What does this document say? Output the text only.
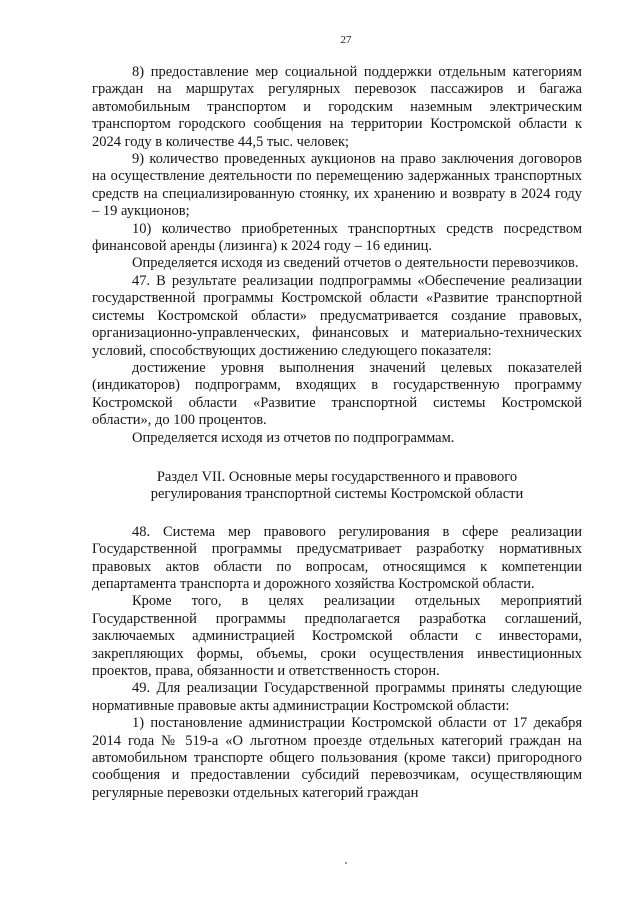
27

8) предоставление мер социальной поддержки отдельным категориям граждан на маршрутах регулярных перевозок пассажиров и багажа автомобильным транспортом и городским наземным электрическим транспортом городского сообщения на территории Костромской области к 2024 году в количестве 44,5 тыс. человек;

9) количество проведенных аукционов на право заключения договоров на осуществление деятельности по перемещению задержанных транспортных средств на специализированную стоянку, их хранению и возврату в 2024 году – 19 аукционов;

10) количество приобретенных транспортных средств посредством финансовой аренды (лизинга) к 2024 году – 16 единиц.

Определяется исходя из сведений отчетов о деятельности перевозчиков.

47. В результате реализации подпрограммы «Обеспечение реализации государственной программы Костромской области «Развитие транспортной системы Костромской области» предусматривается создание правовых, организационно-управленческих, финансовых и материально-технических условий, способствующих достижению следующего показателя:

достижение уровня выполнения значений целевых показателей (индикаторов) подпрограмм, входящих в государственную программу Костромской области «Развитие транспортной системы Костромской области», до 100 процентов.

Определяется исходя из отчетов по подпрограммам.

Раздел VII. Основные меры государственного и правового
регулирования транспортной системы Костромской области

48. Система мер правового регулирования в сфере реализации Государственной программы предусматривает разработку нормативных правовых актов области по вопросам, относящимся к компетенции департамента транспорта и дорожного хозяйства Костромской области.

Кроме того, в целях реализации отдельных мероприятий Государственной программы предполагается разработка соглашений, заключаемых администрацией Костромской области с инвесторами, закрепляющих формы, объемы, сроки осуществления инвестиционных проектов, права, обязанности и ответственность сторон.

49. Для реализации Государственной программы приняты следующие нормативные правовые акты администрации Костромской области:

1) постановление администрации Костромской области от 17 декабря 2014 года № 519-а «О льготном проезде отдельных категорий граждан на автомобильном транспорте общего пользования (кроме такси) пригородного сообщения и предоставлении субсидий перевозчикам, осуществляющим регулярные перевозки отдельных категорий граждан
